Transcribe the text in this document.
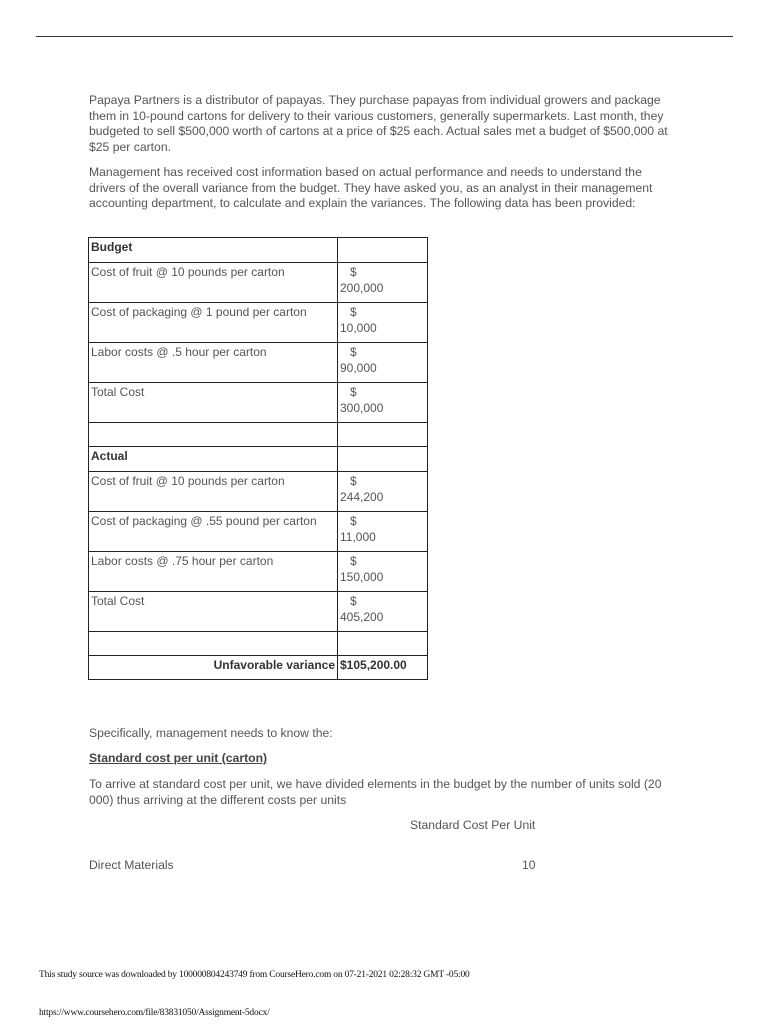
Papaya Partners is a distributor of papayas. They purchase papayas from individual growers and package them in 10-pound cartons for delivery to their various customers, generally supermarkets. Last month, they budgeted to sell $500,000 worth of cartons at a price of $25 each. Actual sales met a budget of $500,000 at $25 per carton.

Management has received cost information based on actual performance and needs to understand the drivers of the overall variance from the budget. They have asked you, as an analyst in their management accounting department, to calculate and explain the variances. The following data has been provided:

Budget	
Cost of fruit @ 10 pounds per carton	$
200,000
Cost of packaging @ 1 pound per carton	$
10,000
Labor costs @ .5 hour per carton	$
90,000
Total Cost	$
300,000

Actual	
Cost of fruit @ 10 pounds per carton	$
244,200
Cost of packaging @ .55 pound per carton	$
11,000
Labor costs @ .75 hour per carton	$
150,000
Total Cost	$
405,200

Unfavorable variance	$105,200.00

Specifically, management needs to know the:

Standard cost per unit (carton)

To arrive at standard cost per unit, we have divided elements in the budget by the number of units sold (20 000) thus arriving at the different costs per units

Standard Cost Per Unit

Direct Materials	10

This study source was downloaded by 100000804243749 from CourseHero.com on 07-21-2021 02:28:32 GMT -05:00
https://www.coursehero.com/file/83831050/Assignment-5docx/
